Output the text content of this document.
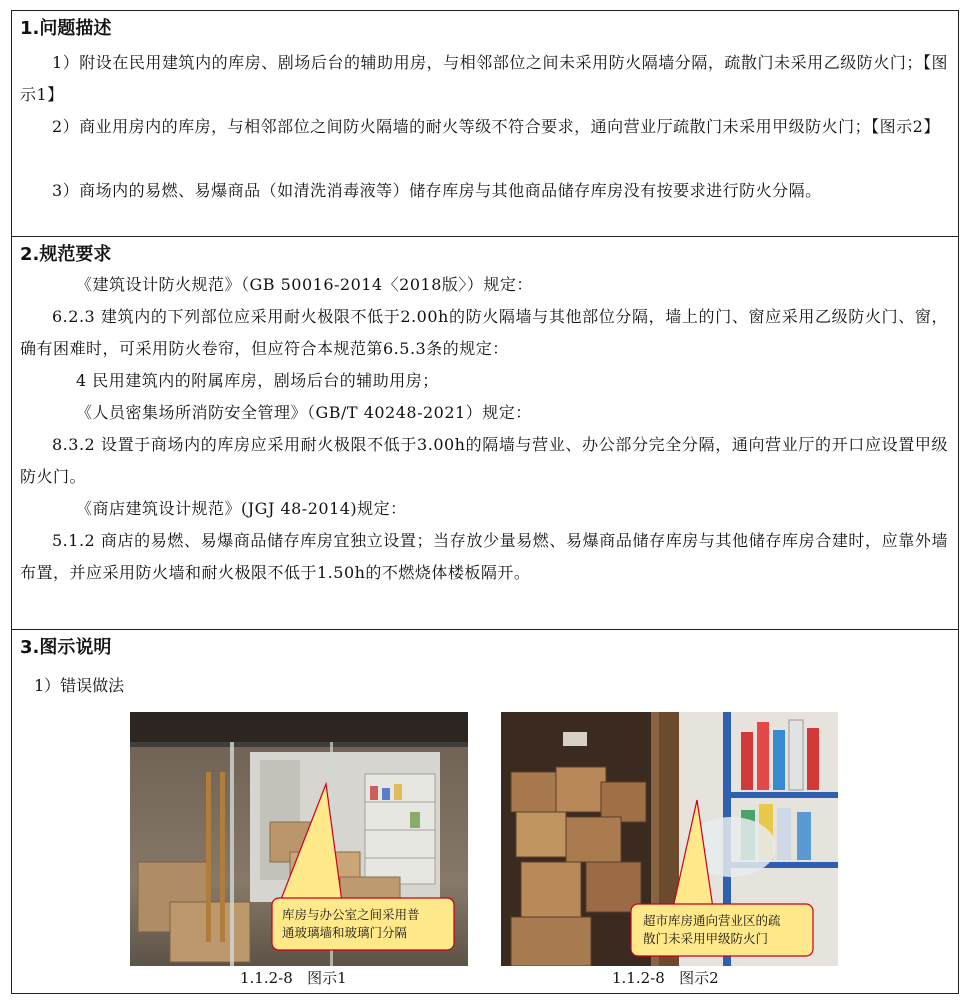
1.问题描述

1）附设在民用建筑内的库房、剧场后台的辅助用房，与相邻部位之间未采用防火隔墙分隔，疏散门未采用乙级防火门；【图示1】

2）商业用房内的库房，与相邻部位之间防火隔墙的耐火等级不符合要求，通向营业厅疏散门未采用甲级防火门；【图示2】

3）商场内的易燃、易爆商品（如清洗消毒液等）储存库房与其他商品储存库房没有按要求进行防火分隔。

2.规范要求

《建筑设计防火规范》（GB 50016-2014〈2018版〉）规定：

6.2.3 建筑内的下列部位应采用耐火极限不低于2.00h的防火隔墙与其他部位分隔，墙上的门、窗应采用乙级防火门、窗，确有困难时，可采用防火卷帘，但应符合本规范第6.5.3条的规定：

4 民用建筑内的附属库房，剧场后台的辅助用房；

《人员密集场所消防安全管理》（GB/T 40248-2021）规定：

8.3.2 设置于商场内的库房应采用耐火极限不低于3.00h的隔墙与营业、办公部分完全分隔，通向营业厅的开口应设置甲级防火门。

《商店建筑设计规范》(JGJ 48-2014)规定：

5.1.2 商店的易燃、易爆商品储存库房宜独立设置；当存放少量易燃、易爆商品储存库房与其他储存库房合建时，应靠外墙布置，并应采用防火墙和耐火极限不低于1.50h的不燃烧体楼板隔开。

3.图示说明
1）错误做法
库房与办公室之间采用普
通玻璃墙和玻璃门分隔
1.1.2-8   图示1
超市库房通向营业区的疏
散门未采用甲级防火门
1.1.2-8   图示2
